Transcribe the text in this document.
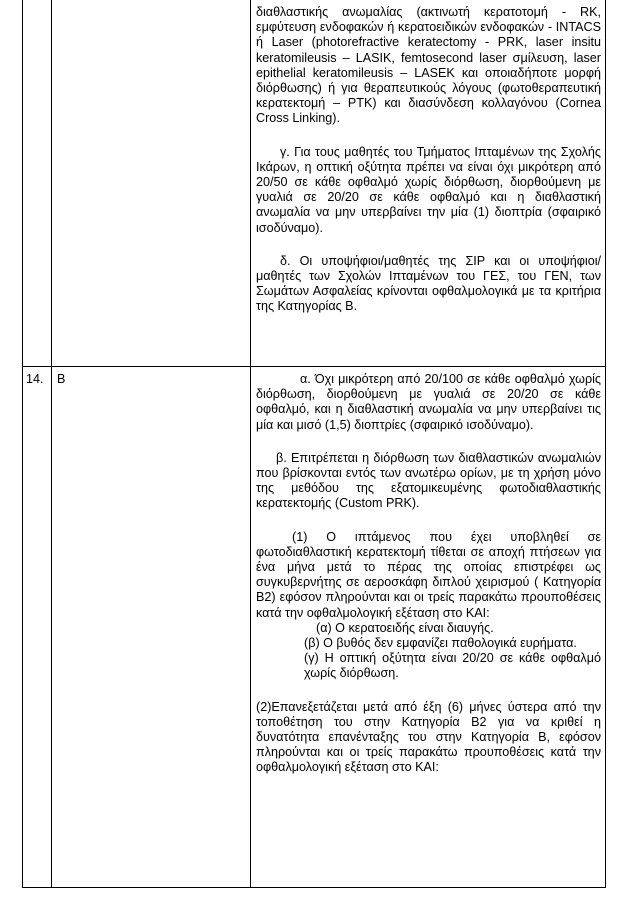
διαθλαστικής ανωμαλίας (ακτινωτή κερατοτομή - RK, εμφύτευση ενδοφακών ή κερατοειδικών ενδοφακών - INTACS ή Laser (photorefractive keratectomy - PRK, laser insitu keratomileusis – LASIK, femtosecond laser σμίλευση, laser epithelial keratomileusis – LASEK και οποιαδήποτε μορφή διόρθωσης) ή για θεραπευτικούς λόγους (φωτοθεραπευτική κερατεκτομή – PTK) και διασύνδεση κολλαγόνου (Cornea Cross Linking).

γ. Για τους μαθητές του Τμήματος Ιπταμένων της Σχολής Ικάρων, η οπτική οξύτητα πρέπει να είναι όχι μικρότερη από 20/50 σε κάθε οφθαλμό χωρίς διόρθωση, διορθούμενη με γυαλιά σε 20/20 σε κάθε οφθαλμό και η διαθλαστική ανωμαλία να μην υπερβαίνει την μία (1) διοπτρία (σφαιρικό ισοδύναμο).

δ. Οι υποψήφιοι/μαθητές της ΣΙΡ και οι υποψήφιοι/μαθητές των Σχολών Ιπταμένων του ΓΕΣ, του ΓΕΝ, των Σωμάτων Ασφαλείας κρίνονται οφθαλμολογικά με τα κριτήρια της Κατηγορίας Β.

14.	Β	α. Όχι μικρότερη από 20/100 σε κάθε οφθαλμό χωρίς διόρθωση, διορθούμενη με γυαλιά σε 20/20 σε κάθε οφθαλμό, και η διαθλαστική ανωμαλία να μην υπερβαίνει τις μία και μισό (1,5) διοπτρίες (σφαιρικό ισοδύναμο).

β. Επιτρέπεται η διόρθωση των διαθλαστικών ανωμαλιών που βρίσκονται εντός των ανωτέρω ορίων, με τη χρήση μόνο της μεθόδου της εξατομικευμένης φωτοδιαθλαστικής κερατεκτομής (Custom PRK).

(1) Ο ιπτάμενος που έχει υποβληθεί σε φωτοδιαθλαστική κερατεκτομή τίθεται σε αποχή πτήσεων για ένα μήνα μετά το πέρας της οποίας επιστρέφει ως συγκυβερνήτης σε αεροσκάφη διπλού χειρισμού ( Κατηγορία Β2) εφόσον πληρούνται και οι τρείς παρακάτω προυποθέσεις κατά την οφθαλμολογική εξέταση στο ΚΑΙ:

(α) Ο κερατοειδής είναι διαυγής.
(β) Ο βυθός δεν εμφανίζει παθολογικά ευρήματα.
(γ) Η οπτική οξύτητα είναι 20/20 σε κάθε οφθαλμό χωρίς διόρθωση.

(2)Επανεξετάζεται μετά από έξη (6) μήνες ύστερα από την τοποθέτηση του στην Κατηγορία Β2 για να κριθεί η δυνατότητα επανένταξης του στην Κατηγορία Β, εφόσον πληρούνται και οι τρείς παρακάτω προυποθέσεις κατά την οφθαλμολογική εξέταση στο ΚΑΙ:
